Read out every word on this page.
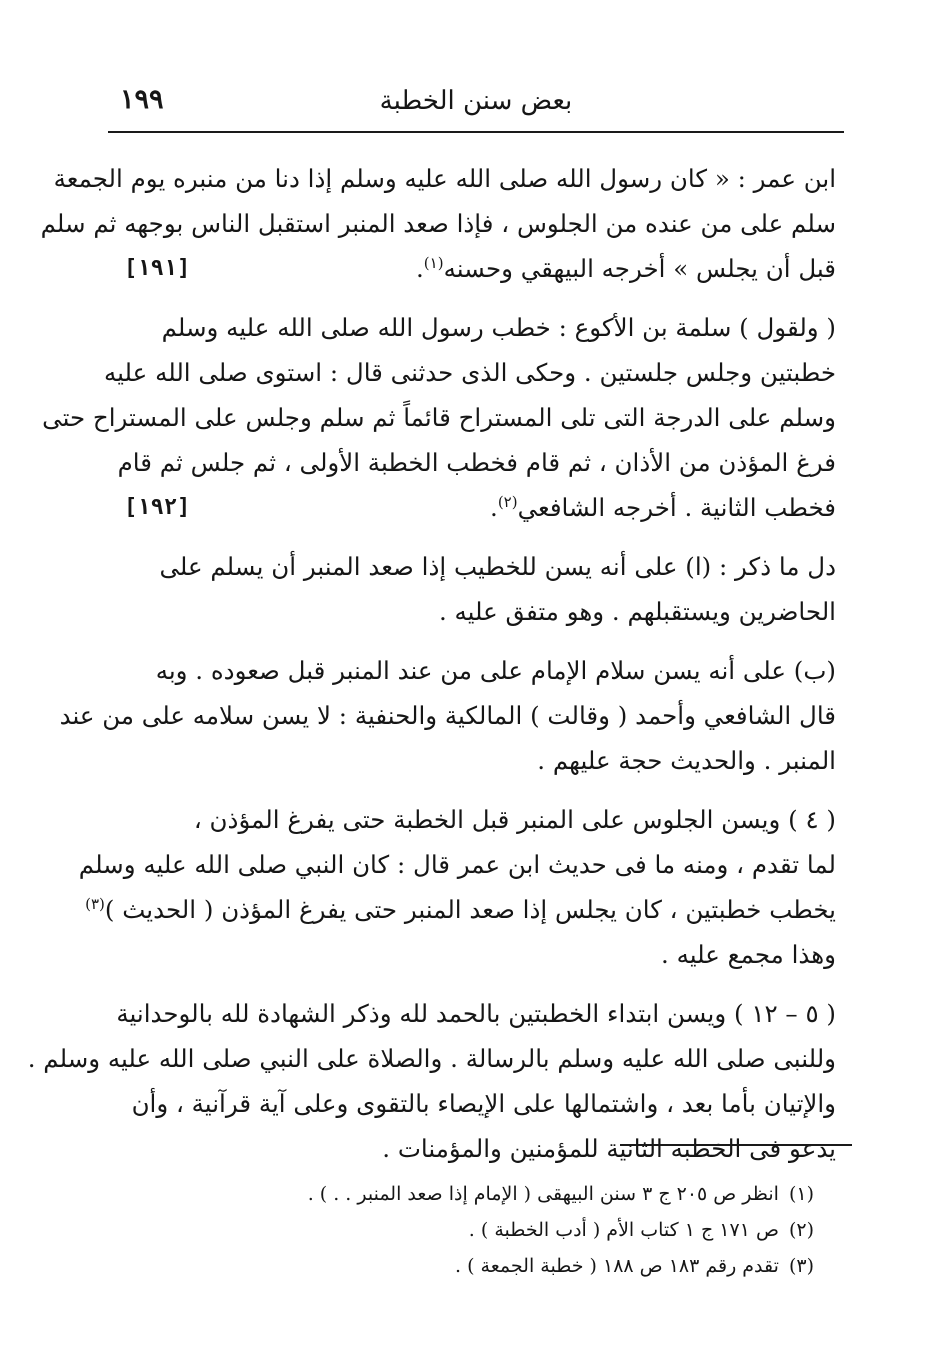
بعض سنن الخطبة
١٩٩

ابن عمر : « كان رسول الله صلى الله عليه وسلم إذا دنا من منبره يوم الجمعة
سلم على من عنده من الجلوس ، فإذا صعد المنبر استقبل الناس بوجهه ثم سلم
قبل أن يجلس » أخرجه البيهقي وحسنه$^{(١)}$.
[١٩١]

( ولقول ) سلمة بن الأكوع : خطب رسول الله صلى الله عليه وسلم
خطبتين وجلس جلستين . وحكى الذى حدثنى قال : استوى صلى الله عليه
وسلم على الدرجة التى تلى المستراح قائماً ثم سلم وجلس على المستراح حتى
فرغ المؤذن من الأذان ، ثم قام فخطب الخطبة الأولى ، ثم جلس ثم قام
فخطب الثانية . أخرجه الشافعي$^{(٢)}$.
[١٩٢]

دل ما ذكر : (ا) على أنه يسن للخطيب إذا صعد المنبر أن يسلم على
الحاضرين ويستقبلهم . وهو متفق عليه .

(ب) على أنه يسن سلام الإمام على من عند المنبر قبل صعوده . وبه
قال الشافعي وأحمد ( وقالت ) المالكية والحنفية : لا يسن سلامه على من عند
المنبر . والحديث حجة عليهم .

( ٤ ) ويسن الجلوس على المنبر قبل الخطبة حتى يفرغ المؤذن ،
لما تقدم ، ومنه ما فى حديث ابن عمر قال : كان النبي صلى الله عليه وسلم
يخطب خطبتين ، كان يجلس إذا صعد المنبر حتى يفرغ المؤذن ( الحديث )$^{(٣)}$
وهذا مجمع عليه .

( ٥ – ١٢ ) ويسن ابتداء الخطبتين بالحمد لله وذكر الشهادة لله بالوحدانية
وللنبى صلى الله عليه وسلم بالرسالة . والصلاة على النبي صلى الله عليه وسلم .
والإتيان بأما بعد ، واشتمالها على الإيصاء بالتقوى وعلى آية قرآنية ، وأن
يدعو فى الخطبة الثانية للمؤمنين والمؤمنات .

(١)انظر ص ٢٠٥ ج ٣ سنن البيهقى ( الإمام إذا صعد المنبر . . ) .
(٢)ص ١٧١ ج ١ كتاب الأم ( أدب الخطبة ) .
(٣)تقدم رقم ١٨٣ ص ١٨٨ ( خطبة الجمعة ) .
